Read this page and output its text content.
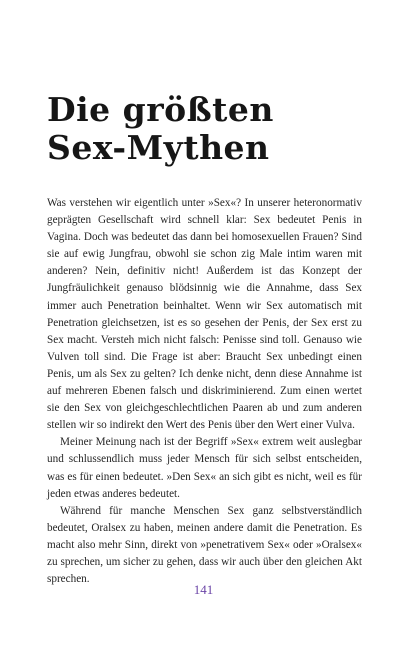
Die größten
Sex-Mythen

Was verstehen wir eigentlich unter »Sex«? In unserer heteronormativ geprägten Gesellschaft wird schnell klar: Sex bedeutet Penis in Vagina. Doch was bedeutet das dann bei homosexuellen Frauen? Sind sie auf ewig Jungfrau, obwohl sie schon zig Male intim waren mit anderen? Nein, definitiv nicht! Außerdem ist das Konzept der Jungfräulichkeit genauso blödsinnig wie die Annahme, dass Sex immer auch Penetration beinhaltet. Wenn wir Sex automatisch mit Penetration gleichsetzen, ist es so gesehen der Penis, der Sex erst zu Sex macht. Versteh mich nicht falsch: Penisse sind toll. Genauso wie Vulven toll sind. Die Frage ist aber: Braucht Sex unbedingt einen Penis, um als Sex zu gelten? Ich denke nicht, denn diese Annahme ist auf mehreren Ebenen falsch und diskriminierend. Zum einen wertet sie den Sex von gleichgeschlechtlichen Paaren ab und zum anderen stellen wir so indirekt den Wert des Penis über den Wert einer Vulva.

Meiner Meinung nach ist der Begriff »Sex« extrem weit auslegbar und schlussendlich muss jeder Mensch für sich selbst entscheiden, was es für einen bedeutet. »Den Sex« an sich gibt es nicht, weil es für jeden etwas anderes bedeutet.

Während für manche Menschen Sex ganz selbstverständlich bedeutet, Oralsex zu haben, meinen andere damit die Penetration. Es macht also mehr Sinn, direkt von »penetrativem Sex« oder »Oralsex« zu sprechen, um sicher zu gehen, dass wir auch über den gleichen Akt sprechen.

141
